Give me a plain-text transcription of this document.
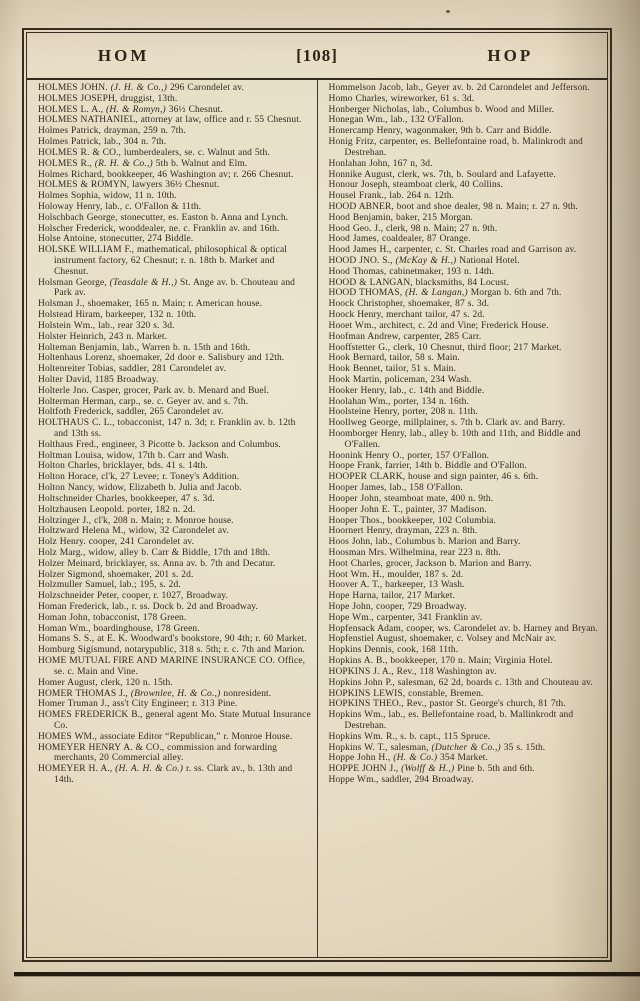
HOM	[108]	HOP
HOLMES JOHN. (J. H. & Co.,) 296 Carondelet av.
HOLMES JOSEPH, druggist, 13th.
HOLMES L. A., (H. & Romyn,) 36½ Chesnut.
HOLMES NATHANIEL, attorney at law, office and r. 55 Chesnut.
Holmes Patrick, drayman, 259 n. 7th.
Holmes Patrick, lab., 304 n. 7th.
HOLMES R. & CO., lumberdealers, se. c. Walnut and 5th.
HOLMES R., (R. H. & Co.,) 5th b. Walnut and Elm.
Holmes Richard, bookkeeper, 46 Washington av; r. 266 Chesnut.
HOLMES & ROMYN, lawyers 36½ Chesnut.
Holmes Sophia, widow, 11 n. 10th.
Holoway Henry, lab., c. O'Fallon & 11th.
Holschbach George, stonecutter, es. Easton b. Anna and Lynch.
Holscher Frederick, wooddealer, ne. c. Franklin av. and 16th.
Holse Antoine, stonecutter, 274 Biddle.
HOLSKE WILLIAM F., mathematical, philosophical & optical instrument factory, 62 Chesnut; r. n. 18th b. Market and Chesnut.
Holsman George, (Teasdale & H.,) St. Ange av. b. Chouteau and Park av.
Holsman J., shoemaker, 165 n. Main; r. American house.
Holstead Hiram, barkeeper, 132 n. 10th.
Holstein Wm., lab., rear 320 s. 3d.
Holster Heinrich, 243 n. Market.
Holteman Benjamin, lab., Warren b. n. 15th and 16th.
Holtenhaus Lorenz, shoemaker, 2d door e. Salisbury and 12th.
Holtenreiter Tobias, saddler, 281 Carondelet av.
Holter David, 1185 Broadway.
Holterle Jno. Casper, grocer, Park av. b. Menard and Buel.
Holterman Herman, carp., se. c. Geyer av. and s. 7th.
Holtfoth Frederick, saddler, 265 Carondelet av.
HOLTHAUS C. L., tobacconist, 147 n. 3d; r. Franklin av. b. 12th and 13th ss.
Holthaus Fred., engineer, 3 Picotte b. Jackson and Columbus.
Holtman Louisa, widow, 17th b. Carr and Wash.
Holton Charles, bricklayer, bds. 41 s. 14th.
Holton Horace, cl'k, 27 Levee; r. Toney's Addition.
Holton Nancy, widow, Elizabeth b. Julia and Jacob.
Holtschneider Charles, bookkeeper, 47 s. 3d.
Holtzhausen Leopold. porter, 182 n. 2d.
Holtzinger J., cl'k, 208 n. Main; r. Monroe house.
Holtzward Helena M., widow, 32 Carondelet av.
Holz Henry. cooper, 241 Carondelet av.
Holz Marg., widow, alley b. Carr & Biddle, 17th and 18th.
Holzer Meinard, bricklayer, ss. Anna av. b. 7th and Decatur.
Holzer Sigmond, shoemaker, 201 s. 2d.
Holzmuller Samuel, lab.; 195, s. 2d.
Holzschneider Peter, cooper, r. 1027, Broadway.
Homan Frederick, lab., r. ss. Dock b. 2d and Broadway.
Homan John, tobacconist, 178 Green.
Homan Wm., boardinghouse, 178 Green.
Homans S. S., at E. K. Woodward's bookstore, 90 4th; r. 60 Market.
Homburg Sigismund, notarypublic, 318 s. 5th; r. c. 7th and Marion.
HOME MUTUAL FIRE AND MARINE INSURANCE CO. Office, se. c. Main and Vine.
Homer August, clerk, 120 n. 15th.
HOMER THOMAS J., (Brownlee, H. & Co.,) nonresident.
Homer Truman J., ass't City Engineer; r. 313 Pine.
HOMES FREDERICK B., general agent Mo. State Mutual Insurance Co.
HOMES WM., associate Editor “Republican,” r. Monroe House.
HOMEYER HENRY A. & CO., commission and forwarding merchants, 20 Commercial alley.
HOMEYER H. A., (H. A. H. & Co.) r. ss. Clark av., b. 13th and 14th.
Hommelson Jacob, lab., Geyer av. b. 2d Carondelet and Jefferson.
Homo Charles, wireworker, 61 s. 3d.
Honberger Nicholas, lab., Columbus b. Wood and Miller.
Honegan Wm., lab., 132 O'Fallon.
Honercamp Henry, wagonmaker, 9th b. Carr and Biddle.
Honig Fritz, carpenter, es. Bellefontaine road, b. Malinkrodt and Destrehan.
Honlahan John, 167 n, 3d.
Honnike August, clerk, ws. 7th, b. Soulard and Lafayette.
Honour Joseph, steamboat clerk, 40 Collins.
Housel Frank., lab. 264 n. 12th.
HOOD ABNER, boot and shoe dealer, 98 n. Main; r. 27 n. 9th.
Hood Benjamin, baker, 215 Morgan.
Hood Geo. J., clerk, 98 n. Main; 27 n. 9th.
Hood James, coaldealer, 87 Orange.
Hood James H., carpenter, c. St. Charles road and Garrison av.
HOOD JNO. S., (McKay & H.,) National Hotel.
Hood Thomas, cabinetmaker, 193 n. 14th.
HOOD & LANGAN, blacksmiths, 84 Locust.
HOOD THOMAS, (H. & Langan,) Morgan b. 6th and 7th.
Hoock Christopher, shoemaker, 87 s. 3d.
Hoock Henry, merchant tailor, 47 s. 2d.
Hooet Wm., architect, c. 2d and Vine; Frederick House.
Hoofman Andrew, carpenter, 285 Carr.
Hooffstetter G., clerk, 10 Chesnut, third floor; 217 Market.
Hook Bernard, tailor, 58 s. Main.
Hook Bennet, tailor, 51 s. Main.
Hook Martin, policeman, 234 Wash.
Hooker Henry, lab., c. 14th and Biddle.
Hoolahan Wm., porter, 134 n. 16th.
Hoolsteine Henry, porter, 208 n. 11th.
Hoollweg George, millplainer, s. 7th b. Clark av. and Barry.
Hoomborger Henry, lab., alley b. 10th and 11th, and Biddle and O'Fallen.
Hoonink Henry O., porter, 157 O'Fallon.
Hoope Frank, farrier, 14th b. Biddle and O'Fallon.
HOOPER CLARK, house and sign painter, 46 s. 6th.
Hooper James, lab., 158 O'Fallon.
Hooper John, steamboat mate, 400 n. 9th.
Hooper John E. T., painter, 37 Madison.
Hooper Thos., bookkeeper, 102 Columbia.
Hoornert Henry, drayman, 223 n. 8th.
Hoos John, lab., Columbus b. Marion and Barry.
Hoosman Mrs. Wilhelmina, rear 223 n. 8th.
Hoot Charles, grocer, Jackson b. Marion and Barry.
Hoot Wm. H., moulder, 187 s. 2d.
Hoover A. T., barkeeper, 13 Wash.
Hope Harna, tailor, 217 Market.
Hope John, cooper, 729 Broadway.
Hope Wm., carpenter, 341 Franklin av.
Hopfensack Adam, cooper, ws. Carondelet av. b. Harney and Bryan.
Hopfenstiel August, shoemaker, c. Volsey and McNair av.
Hopkins Dennis, cook, 168 11th.
Hopkins A. B., bookkeeper, 170 n. Main; Virginia Hotel.
HOPKINS J. A., Rev., 118 Washington av.
Hopkins John P., salesman, 62 2d, boards c. 13th and Chouteau av.
HOPKINS LEWIS, constable, Bremen.
HOPKINS THEO., Rev., pastor St. George's church, 81 7th.
Hopkins Wm., lab., es. Bellefontaine road, b. Mallinkrodt and Destrehan.
Hopkins Wm. R., s. b. capt., 115 Spruce.
Hopkins W. T., salesman, (Dutcher & Co.,) 35 s. 15th.
Hoppe John H., (H. & Co.) 354 Market.
HOPPE JOHN J., (Wolff & H.,) Pine b. 5th and 6th.
Hoppe Wm., saddler, 294 Broadway.
